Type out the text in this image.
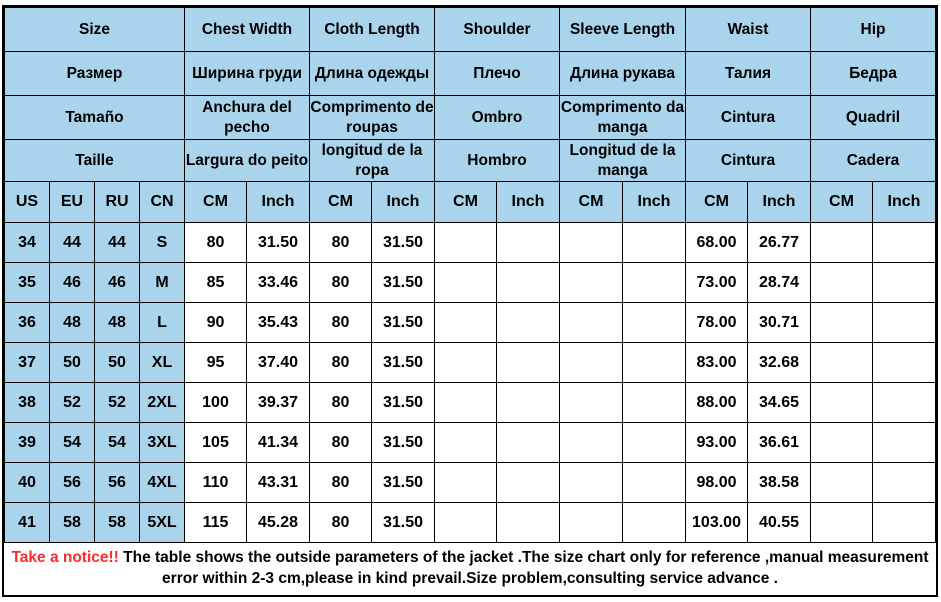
Size				Chest Width		Cloth Length		Shoulder		Sleeve Length		Waist		Hip	
Размер				Ширина груди		Длина одежды		Плечо		Длина рукава		Талия		Бедра	
Tamaño				Anchura del pecho		Comprimento de roupas		Ombro		Comprimento da manga		Cintura		Quadril	
Taille				Largura do peito		longitud de la ropa		Hombro		Longitud de la manga		Cintura		Cadera	
US	EU	RU	CN	CM	Inch	CM	Inch	CM	Inch	CM	Inch	CM	Inch	CM	Inch
34	44	44	S	80	31.50	80	31.50					68.00	26.77		
35	46	46	M	85	33.46	80	31.50					73.00	28.74		
36	48	48	L	90	35.43	80	31.50					78.00	30.71		
37	50	50	XL	95	37.40	80	31.50					83.00	32.68		
38	52	52	2XL	100	39.37	80	31.50					88.00	34.65		
39	54	54	3XL	105	41.34	80	31.50					93.00	36.61		
40	56	56	4XL	110	43.31	80	31.50					98.00	38.58		
41	58	58	5XL	115	45.28	80	31.50					103.00	40.55		
Take a notice!! The table shows the outside parameters of the jacket .The size chart only for reference ,manual measurement error within 2-3 cm,please in kind prevail.Size problem,consulting service advance .
